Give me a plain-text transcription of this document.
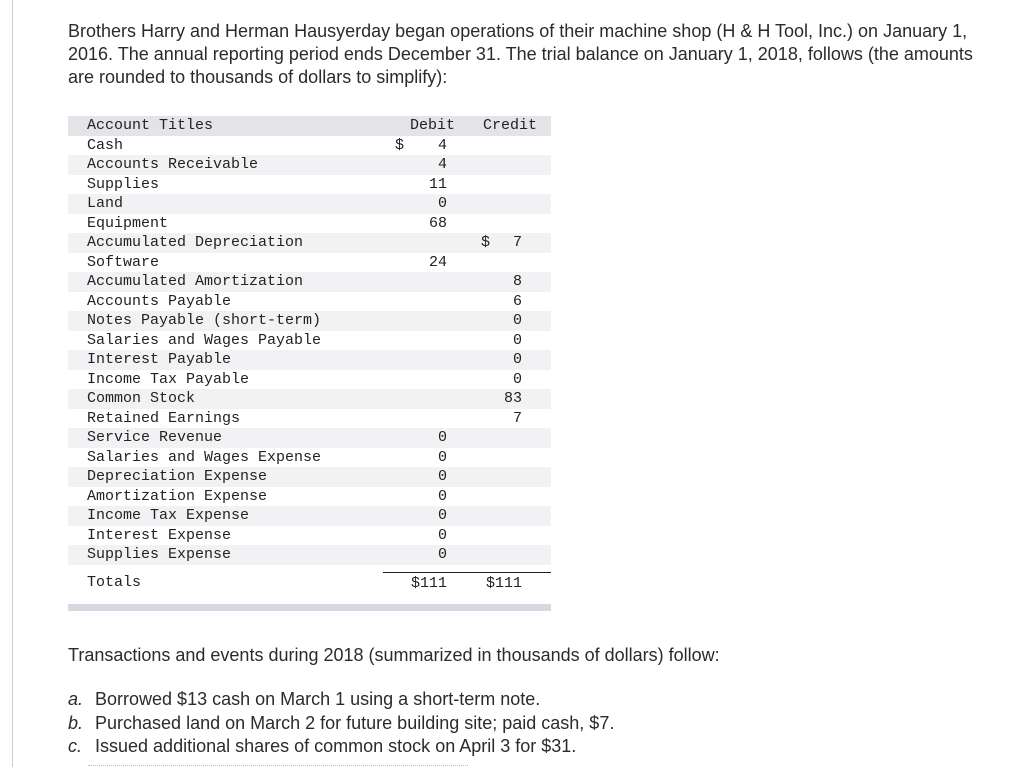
Brothers Harry and Herman Hausyerday began operations of their machine shop (H & H Tool, Inc.) on January 1, 2016. The annual reporting period ends December 31. The trial balance on January 1, 2018, follows (the amounts are rounded to thousands of dollars to simplify):

Account Titles	Debit	Credit
Cash	$ 4	
Accounts Receivable	4	
Supplies	11	
Land	0	
Equipment	68	
Accumulated Depreciation		$ 7
Software	24	
Accumulated Amortization		8
Accounts Payable		6
Notes Payable (short-term)		0
Salaries and Wages Payable		0
Interest Payable		0
Income Tax Payable		0
Common Stock		83
Retained Earnings		7
Service Revenue	0	
Salaries and Wages Expense	0	
Depreciation Expense	0	
Amortization Expense	0	
Income Tax Expense	0	
Interest Expense	0	
Supplies Expense	0	

Totals	$111	$111

Transactions and events during 2018 (summarized in thousands of dollars) follow:

a. Borrowed $13 cash on March 1 using a short-term note.
b. Purchased land on March 2 for future building site; paid cash, $7.
c. Issued additional shares of common stock on April 3 for $31.
